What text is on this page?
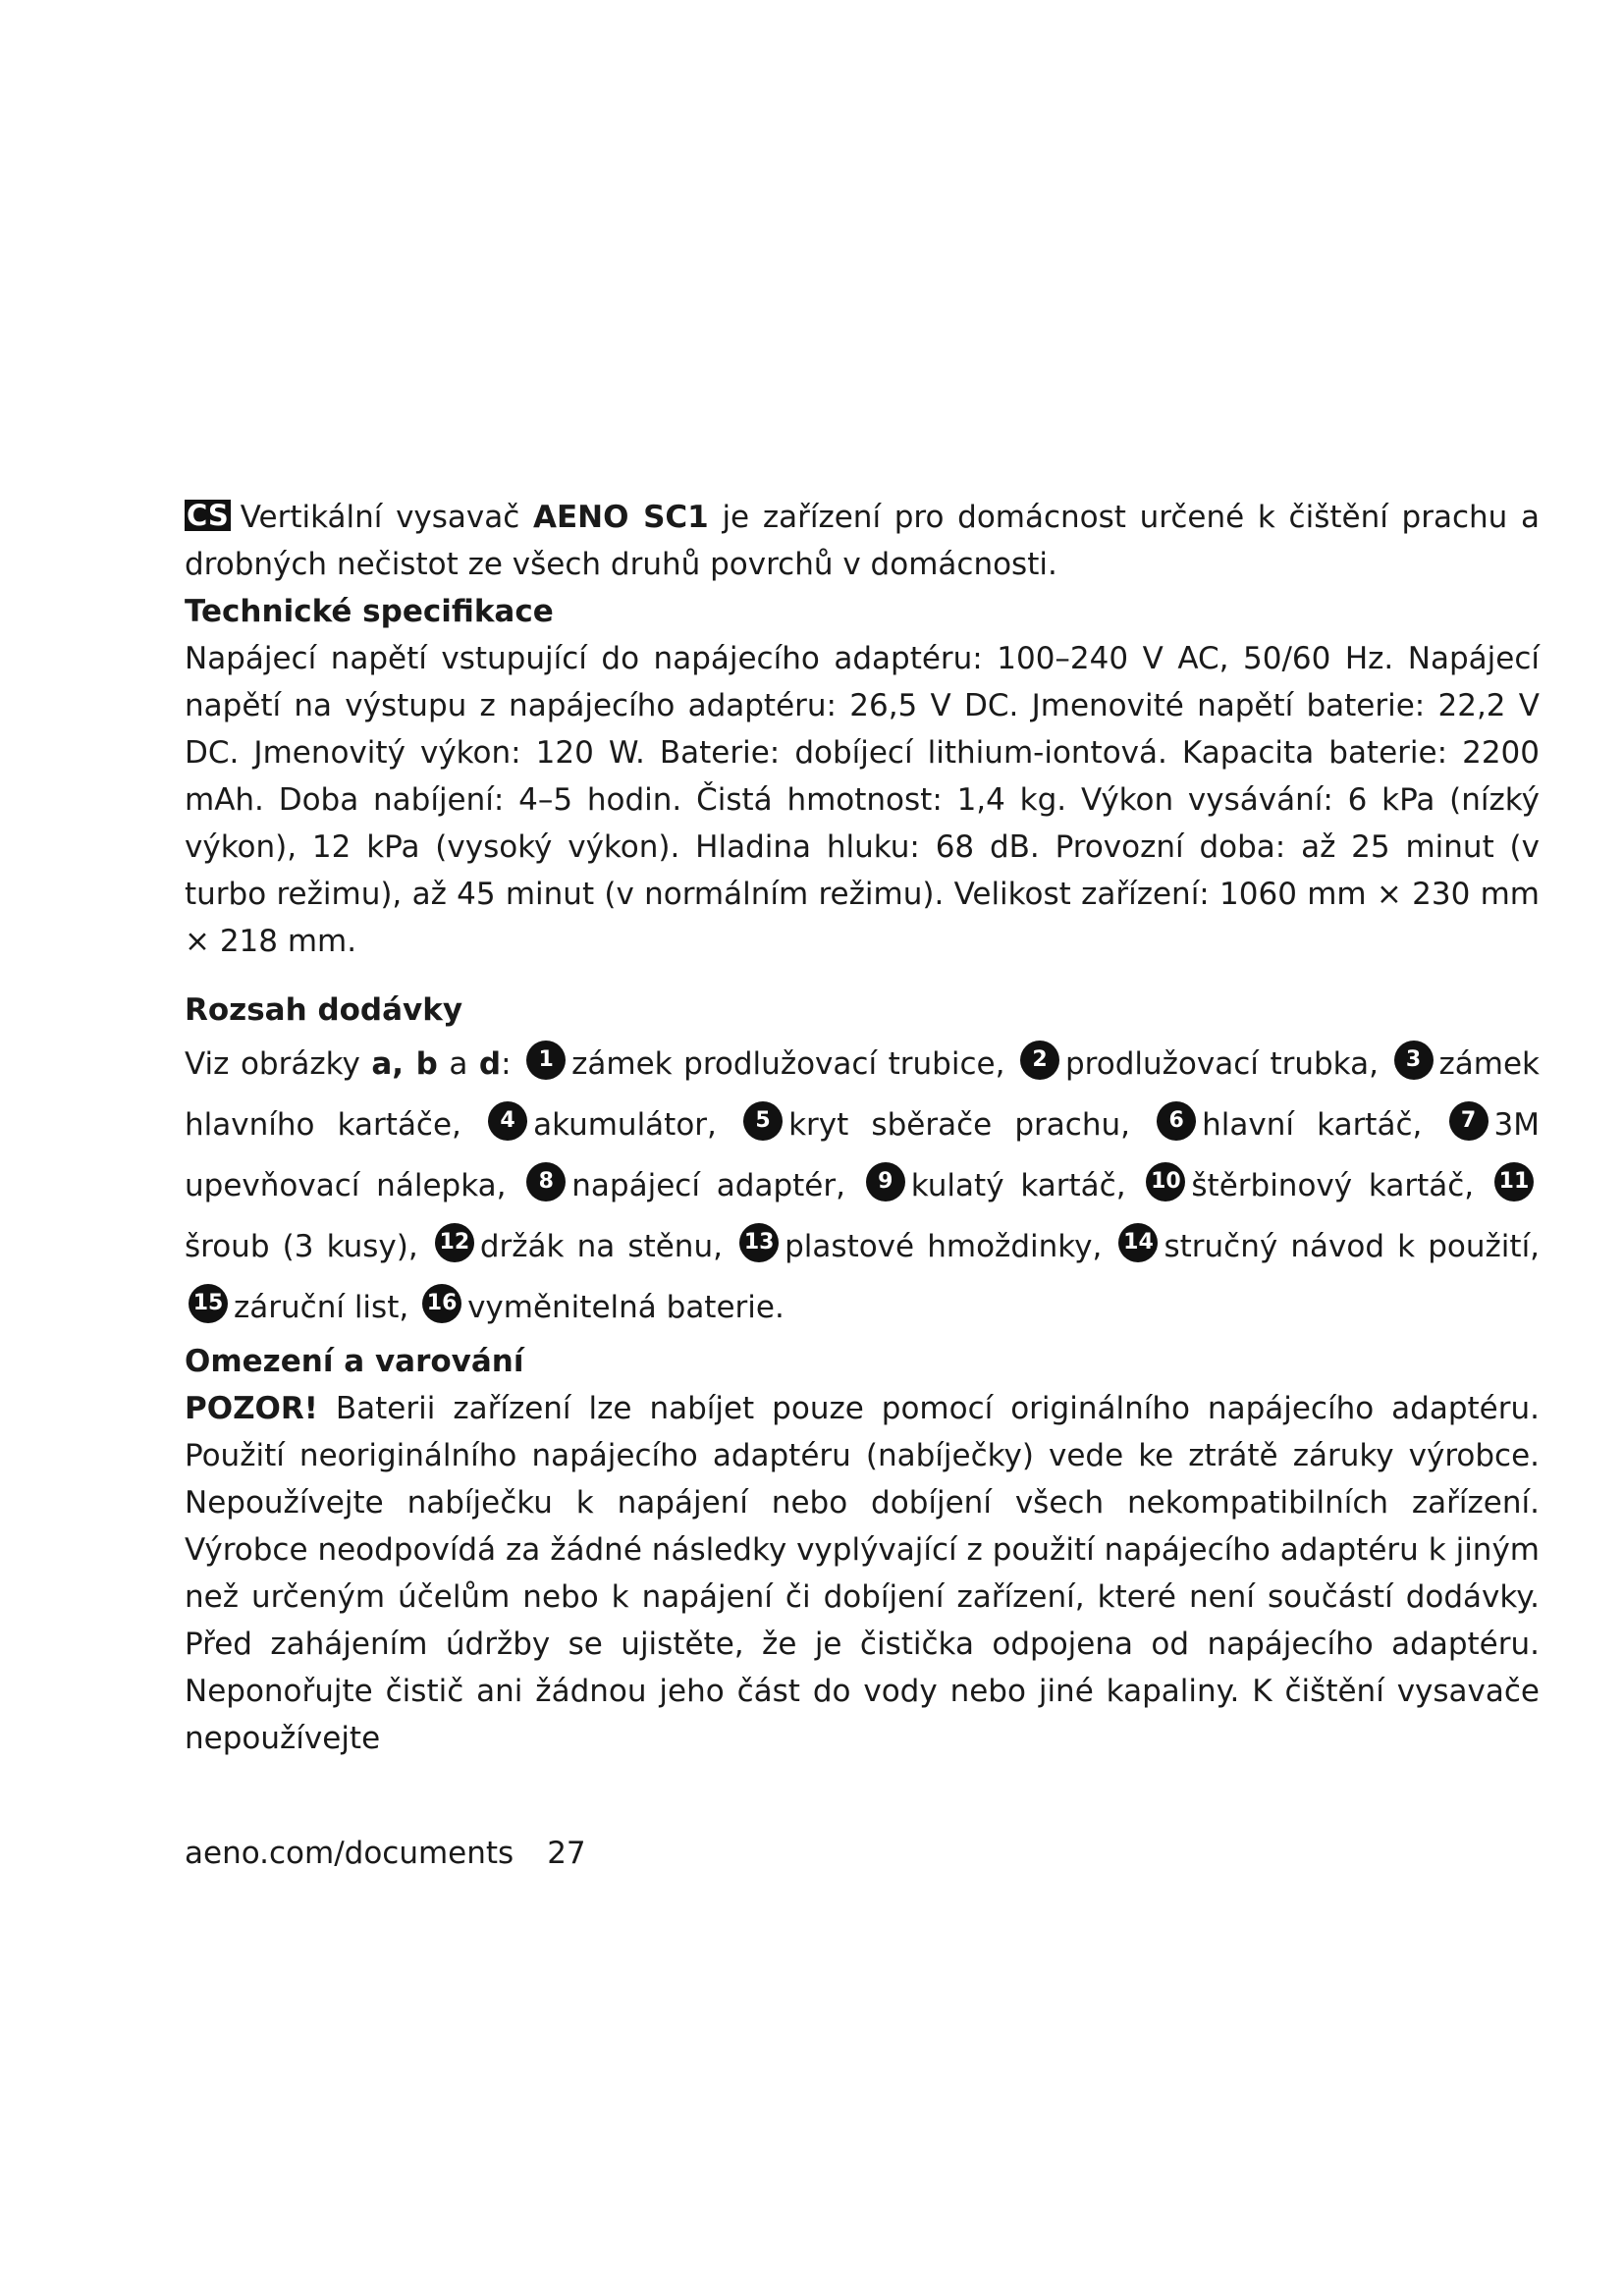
CS Vertikální vysavač AENO SC1 je zařízení pro domácnost určené k čištění prachu a drobných nečistot ze všech druhů povrchů v domácnosti.

Technické specifikace

Napájecí napětí vstupující do napájecího adaptéru: 100–240 V AC, 50/60 Hz. Napájecí napětí na výstupu z napájecího adaptéru: 26,5 V DC. Jmenovité napětí baterie: 22,2 V DC. Jmenovitý výkon: 120 W. Baterie: dobíjecí lithium-iontová. Kapacita baterie: 2200 mAh. Doba nabíjení: 4–5 hodin. Čistá hmotnost: 1,4 kg. Výkon vysávání: 6 kPa (nízký výkon), 12 kPa (vysoký výkon). Hladina hluku: 68 dB. Provozní doba: až 25 minut (v turbo režimu), až 45 minut (v normálním režimu). Velikost zařízení: 1060 mm × 230 mm × 218 mm.

Rozsah dodávky

Viz obrázky a, b a d: 1 zámek prodlužovací trubice, 2 prodlužovací trubka, 3 zámek hlavního kartáče, 4 akumulátor, 5 kryt sběrače prachu, 6 hlavní kartáč, 7 3M upevňovací nálepka, 8 napájecí adaptér, 9 kulatý kartáč, 10 štěrbinový kartáč, 11šroub (3 kusy), 12 držák na stěnu, 13 plastové hmoždinky, 14 stručný návod k použití, 15 záruční list, 16 vyměnitelná baterie.

Omezení a varování

POZOR! Baterii zařízení lze nabíjet pouze pomocí originálního napájecího adaptéru. Použití neoriginálního napájecího adaptéru (nabíječky) vede ke ztrátě záruky výrobce. Nepoužívejte nabíječku k napájení nebo dobíjení všech nekompatibilních zařízení. Výrobce neodpovídá za žádné následky vyplývající z použití napájecího adaptéru k jiným než určeným účelům nebo k napájení či dobíjení zařízení, které není součástí dodávky. Před zahájením údržby se ujistěte, že je čistička odpojena od napájecího adaptéru. Neponořujte čistič ani žádnou jeho část do vody nebo jiné kapaliny. K čištění vysavače nepoužívejte

aeno.com/documents 27
